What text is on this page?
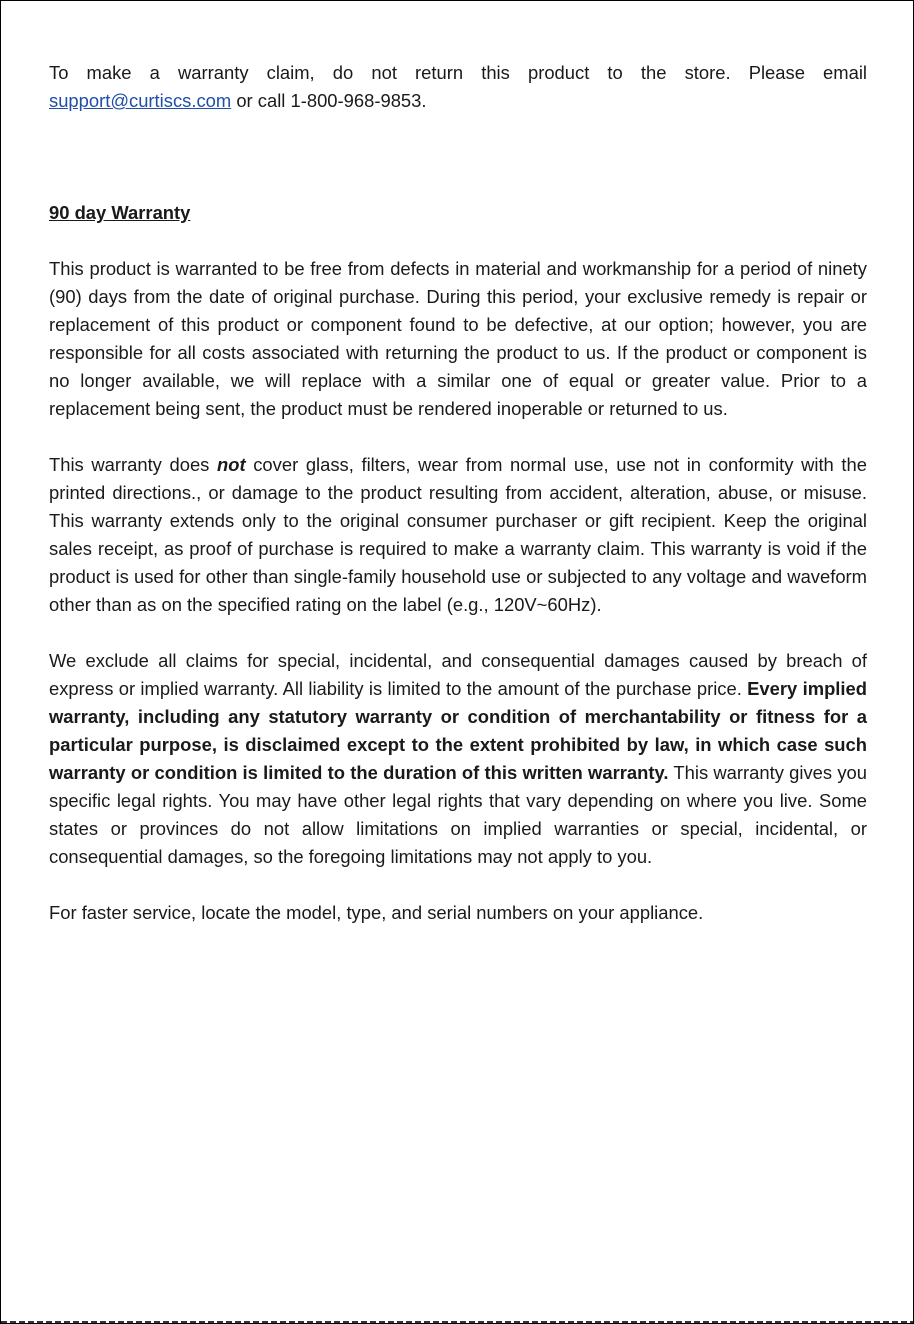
To make a warranty claim, do not return this product to the store. Please email support@curtiscs.com or call 1-800-968-9853.

90 day Warranty

This product is warranted to be free from defects in material and workmanship for a period of ninety (90) days from the date of original purchase. During this period, your exclusive remedy is repair or replacement of this product or component found to be defective, at our option; however, you are responsible for all costs associated with returning the product to us. If the product or component is no longer available, we will replace with a similar one of equal or greater value. Prior to a replacement being sent, the product must be rendered inoperable or returned to us.

This warranty does not cover glass, filters, wear from normal use, use not in conformity with the printed directions., or damage to the product resulting from accident, alteration, abuse, or misuse. This warranty extends only to the original consumer purchaser or gift recipient. Keep the original sales receipt, as proof of purchase is required to make a warranty claim. This warranty is void if the product is used for other than single-family household use or subjected to any voltage and waveform other than as on the specified rating on the label (e.g., 120V~60Hz).

We exclude all claims for special, incidental, and consequential damages caused by breach of express or implied warranty. All liability is limited to the amount of the purchase price. Every implied warranty, including any statutory warranty or condition of merchantability or fitness for a particular purpose, is disclaimed except to the extent prohibited by law, in which case such warranty or condition is limited to the duration of this written warranty. This warranty gives you specific legal rights. You may have other legal rights that vary depending on where you live. Some states or provinces do not allow limitations on implied warranties or special, incidental, or consequential damages, so the foregoing limitations may not apply to you.

For faster service, locate the model, type, and serial numbers on your appliance.
